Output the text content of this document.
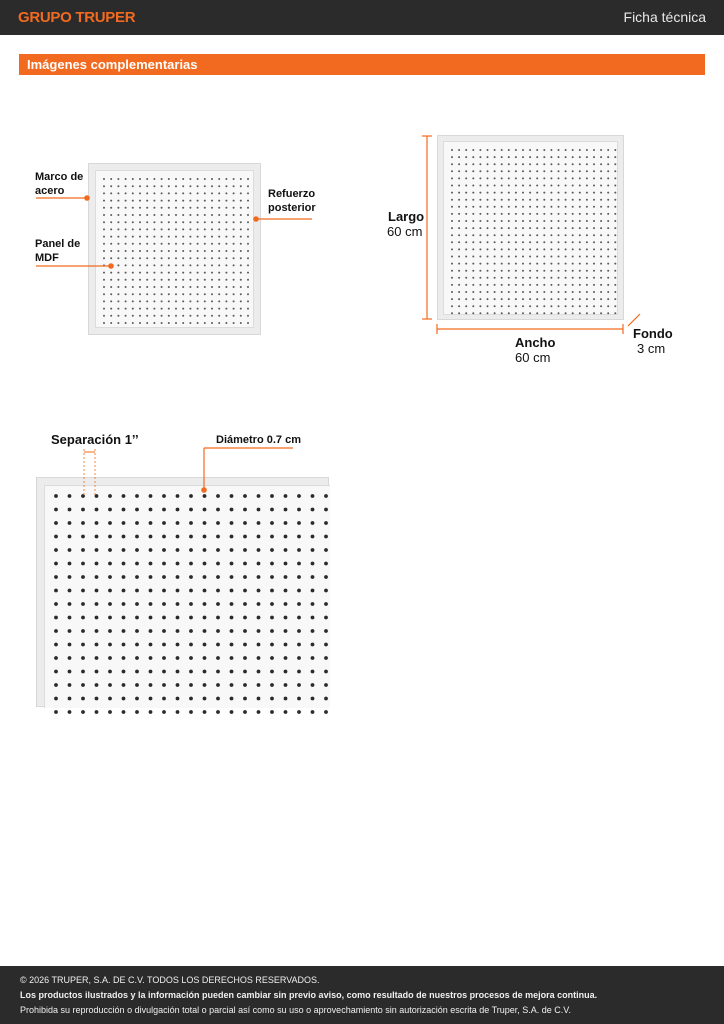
GRUPO TRUPER	Ficha técnica
Imágenes complementarias
Marco de
acero	Refuerzo
posterior
Panel de
MDF
Largo
60 cm
Ancho
60 cm
Fondo
3 cm
Separación 1’’	Diámetro 0.7 cm
© 2026 TRUPER, S.A. DE C.V. TODOS LOS DERECHOS RESERVADOS.
Los productos ilustrados y la información pueden cambiar sin previo aviso, como resultado de nuestros procesos de mejora continua.
Prohibida su reproducción o divulgación total o parcial así como su uso o aprovechamiento sin autorización escrita de Truper, S.A. de C.V.
